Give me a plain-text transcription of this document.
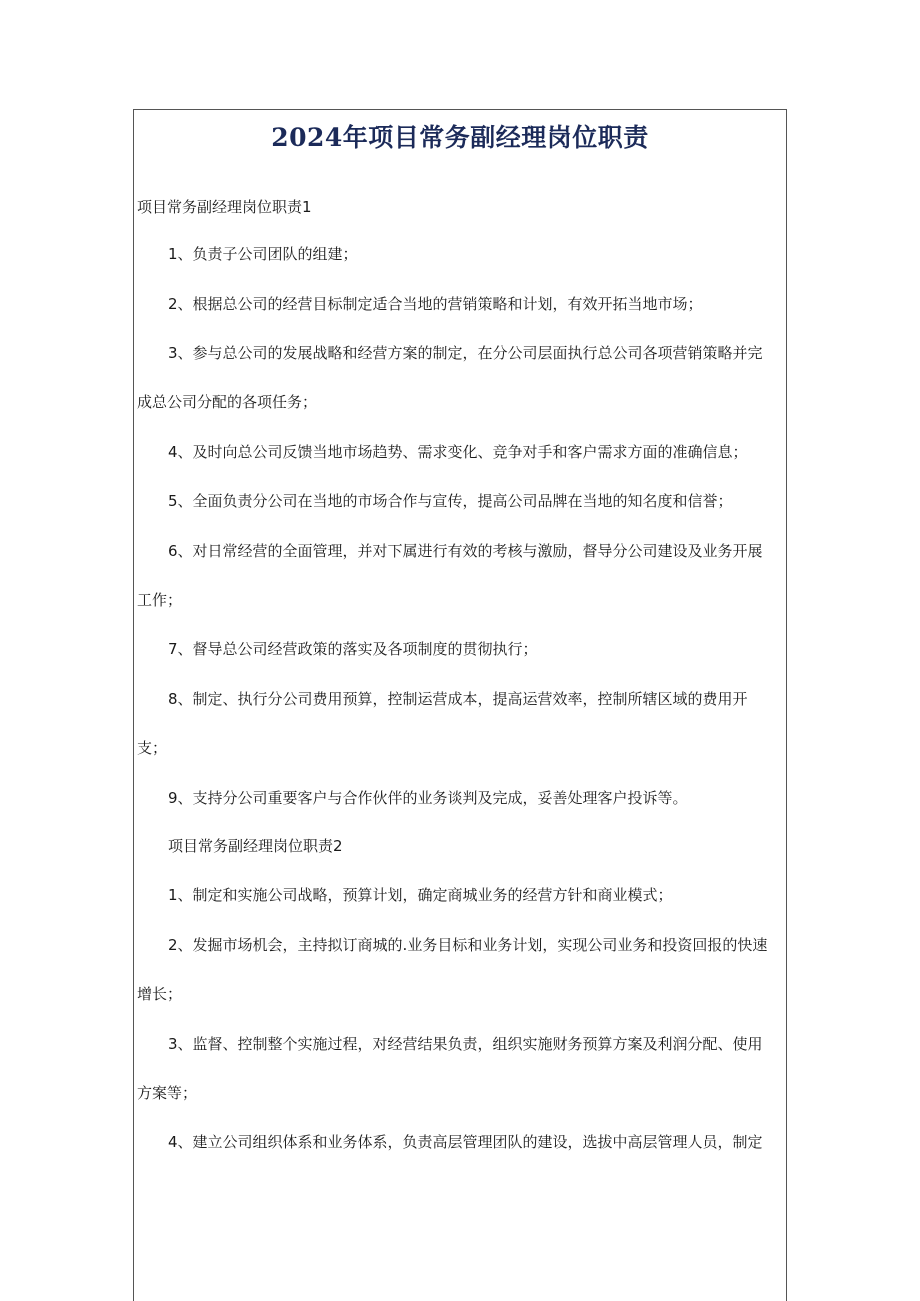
2024年项目常务副经理岗位职责
项目常务副经理岗位职责1
1、负责子公司团队的组建；
2、根据总公司的经营目标制定适合当地的营销策略和计划，有效开拓当地市场；
3、参与总公司的发展战略和经营方案的制定，在分公司层面执行总公司各项营销策略并完
成总公司分配的各项任务；
4、及时向总公司反馈当地市场趋势、需求变化、竞争对手和客户需求方面的准确信息；
5、全面负责分公司在当地的市场合作与宣传，提高公司品牌在当地的知名度和信誉；
6、对日常经营的全面管理，并对下属进行有效的考核与激励，督导分公司建设及业务开展
工作；
7、督导总公司经营政策的落实及各项制度的贯彻执行；
8、制定、执行分公司费用预算，控制运营成本，提高运营效率，控制所辖区域的费用开
支；
9、支持分公司重要客户与合作伙伴的业务谈判及完成，妥善处理客户投诉等。
项目常务副经理岗位职责2
1、制定和实施公司战略，预算计划，确定商城业务的经营方针和商业模式；
2、发掘市场机会，主持拟订商城的.业务目标和业务计划，实现公司业务和投资回报的快速
增长；
3、监督、控制整个实施过程，对经营结果负责，组织实施财务预算方案及利润分配、使用
方案等；
4、建立公司组织体系和业务体系，负责高层管理团队的建设，选拔中高层管理人员，制定
